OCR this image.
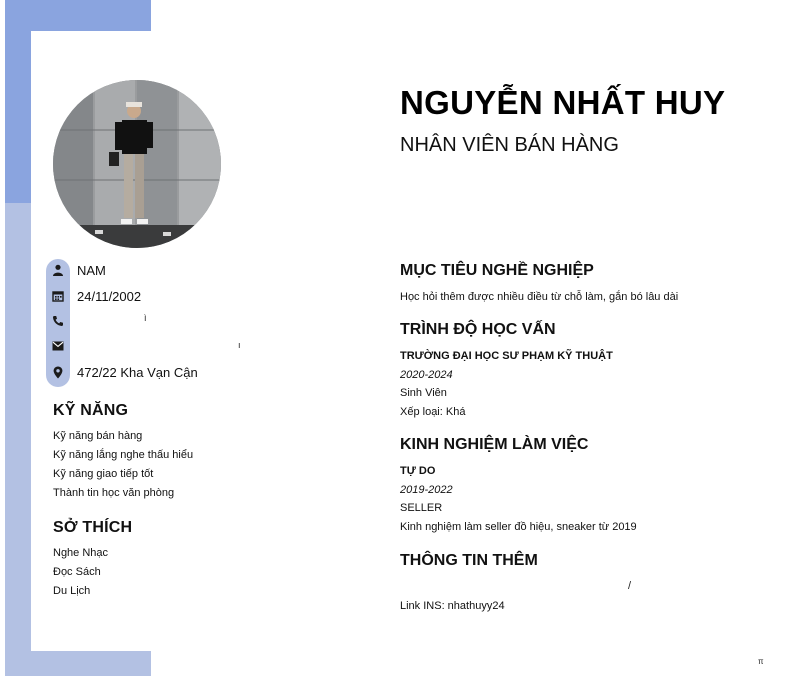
NAM
24/11/2002
ì
ı
472/22 Kha Vạn Cận
KỸ NĂNG
Kỹ năng bán hàng
Kỹ năng lắng nghe thấu hiểu
Kỹ năng giao tiếp tốt
Thành tin học văn phòng
SỞ THÍCH
Nghe Nhạc
Đọc Sách
Du Lịch
NGUYỄN NHẤT HUY
NHÂN VIÊN BÁN HÀNG
MỤC TIÊU NGHỀ NGHIỆP
Học hỏi thêm được nhiều điều từ chỗ làm, gắn bó lâu dài
TRÌNH ĐỘ HỌC VẤN
TRƯỜNG ĐẠI HỌC SƯ PHẠM KỸ THUẬT
2020-2024
Sinh Viên
Xếp loại: Khá
KINH NGHIỆM LÀM VIỆC
TỰ DO
2019-2022
SELLER
Kinh nghiệm làm seller đồ hiệu, sneaker từ 2019
THÔNG TIN THÊM
/
Link INS: nhathuyy24
π
